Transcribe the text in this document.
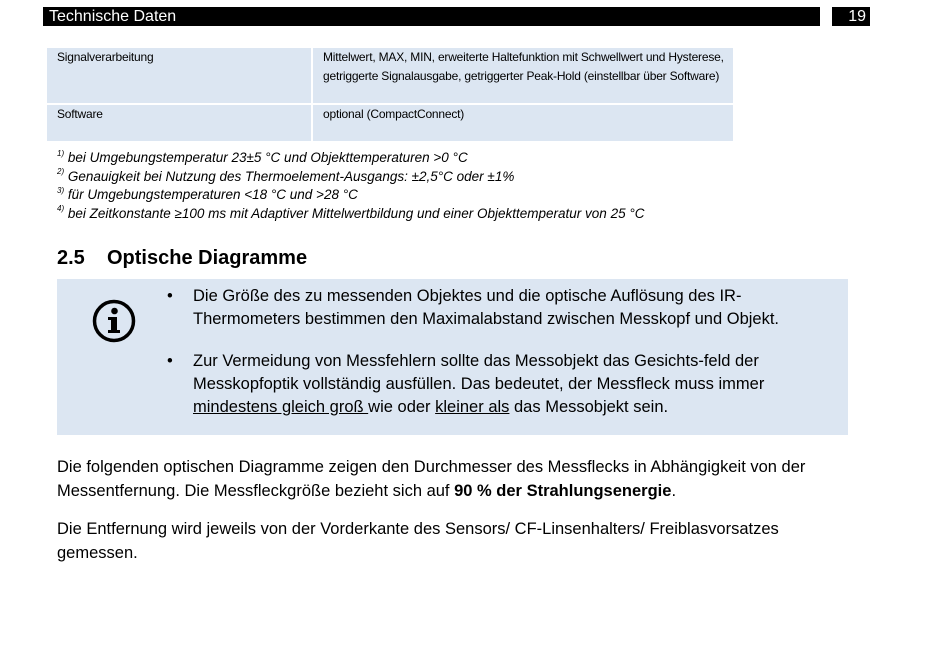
Technische Daten	19
Signalverarbeitung	Mittelwert, MAX, MIN, erweiterte Haltefunktion mit Schwellwert und Hysterese,
getriggerte Signalausgabe, getriggerter Peak-Hold (einstellbar über Software)

Software	optional (CompactConnect)
$^{1)}$ bei Umgebungstemperatur 23±5 °C und Objekttemperaturen >0 °C
$^{2)}$ Genauigkeit bei Nutzung des Thermoelement-Ausgangs: ±2,5°C oder ±1%
$^{3)}$ für Umgebungstemperaturen <18 °C und >28 °C
$^{4)}$ bei Zeitkonstante ≥100 ms mit Adaptiver Mittelwertbildung und einer Objekttemperatur von 25 °C
2.5 Optische Diagramme
• Die Größe des zu messenden Objektes und die optische Auflösung des IR-Thermometers bestimmen den Maximalabstand zwischen Messkopf und Objekt.
• Zur Vermeidung von Messfehlern sollte das Messobjekt das Gesichts-feld der Messkopfoptik vollständig ausfüllen. Das bedeutet, der Messfleck muss immer mindestens gleich groß wie oder kleiner als das Messobjekt sein.

Die folgenden optischen Diagramme zeigen den Durchmesser des Messflecks in Abhängigkeit von der Messentfernung. Die Messfleckgröße bezieht sich auf 90 % der Strahlungsenergie.

Die Entfernung wird jeweils von der Vorderkante des Sensors/ CF-Linsenhalters/ Freiblasvorsatzes gemessen.
